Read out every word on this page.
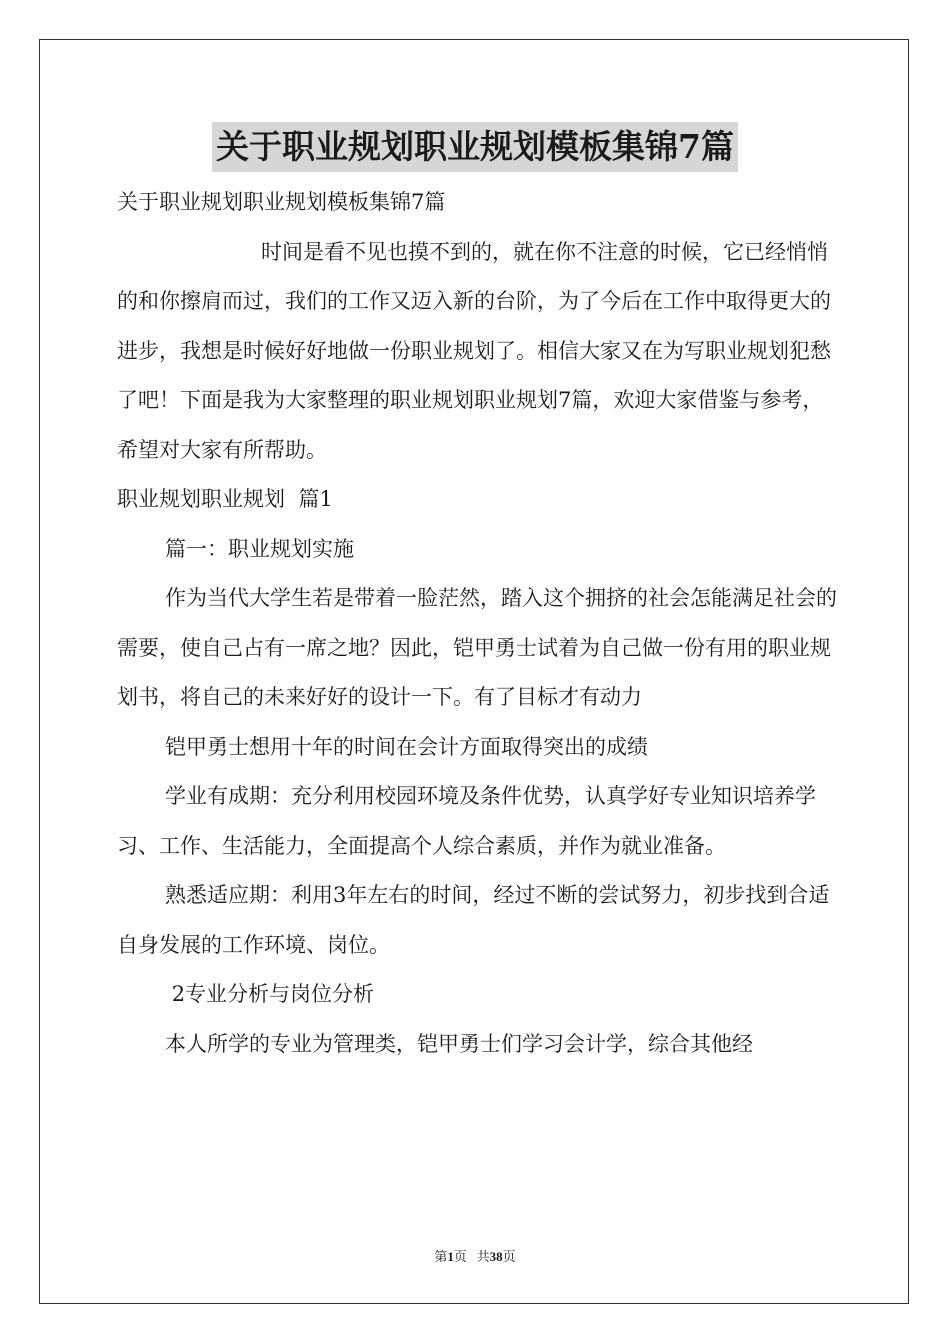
关于职业规划职业规划模板集锦7篇

关于职业规划职业规划模板集锦7篇

时间是看不见也摸不到的，就在你不注意的时候，它已经悄悄的和你擦肩而过，我们的工作又迈入新的台阶，为了今后在工作中取得更大的进步，我想是时候好好地做一份职业规划了。相信大家又在为写职业规划犯愁了吧！下面是我为大家整理的职业规划职业规划7篇，欢迎大家借鉴与参考，希望对大家有所帮助。

职业规划职业规划  篇1

篇一：职业规划实施

作为当代大学生若是带着一脸茫然，踏入这个拥挤的社会怎能满足社会的需要，使自己占有一席之地？因此，铠甲勇士试着为自己做一份有用的职业规划书，将自己的未来好好的设计一下。有了目标才有动力

铠甲勇士想用十年的时间在会计方面取得突出的成绩

学业有成期：充分利用校园环境及条件优势，认真学好专业知识培养学习、工作、生活能力，全面提高个人综合素质，并作为就业准备。

熟悉适应期：利用3年左右的时间，经过不断的尝试努力，初步找到合适自身发展的工作环境、岗位。

2专业分析与岗位分析

本人所学的专业为管理类，铠甲勇士们学习会计学，综合其他经

第1页 共38页
